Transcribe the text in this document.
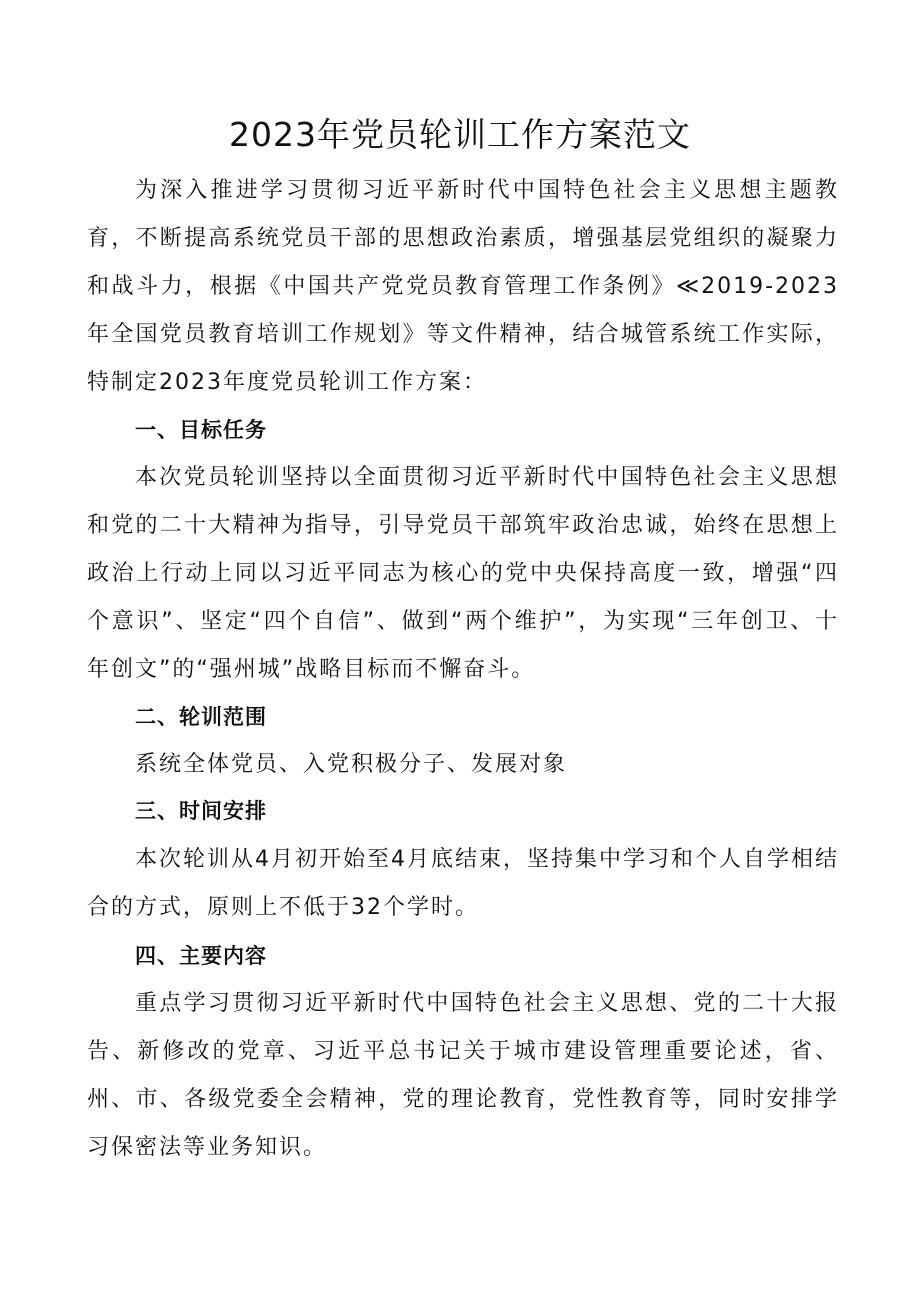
2023年党员轮训工作方案范文

为深入推进学习贯彻习近平新时代中国特色社会主义思想主题教育，不断提高系统党员干部的思想政治素质，增强基层党组织的凝聚力和战斗力，根据《中国共产党党员教育管理工作条例》≪2019-2023年全国党员教育培训工作规划》等文件精神，结合城管系统工作实际，特制定2023年度党员轮训工作方案：

一、目标任务

本次党员轮训坚持以全面贯彻习近平新时代中国特色社会主义思想和党的二十大精神为指导，引导党员干部筑牢政治忠诚，始终在思想上政治上行动上同以习近平同志为核心的党中央保持高度一致，增强“四个意识”、坚定“四个自信”、做到“两个维护”，为实现“三年创卫、十年创文”的“强州城”战略目标而不懈奋斗。

二、轮训范围

系统全体党员、入党积极分子、发展对象

三、时间安排

本次轮训从4月初开始至4月底结束，坚持集中学习和个人自学相结合的方式，原则上不低于32个学时。

四、主要内容

重点学习贯彻习近平新时代中国特色社会主义思想、党的二十大报告、新修改的党章、习近平总书记关于城市建设管理重要论述，省、州、市、各级党委全会精神，党的理论教育，党性教育等，同时安排学习保密法等业务知识。
